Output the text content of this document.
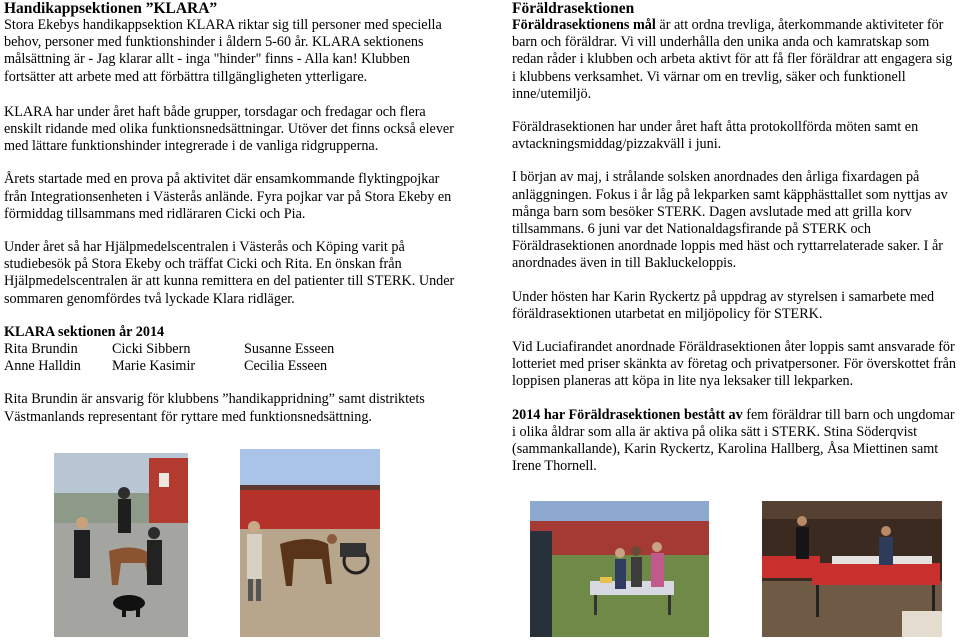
Handikappsektionen ”KLARA”

Stora Ekebys handikappsektion KLARA riktar sig till personer med speciella behov, personer med funktionshinder i åldern 5-60 år. KLARA sektionens målsättning är - Jag klarar allt - inga "hinder" finns - Alla kan! Klubben fortsätter att arbete med att förbättra tillgängligheten ytterligare.

KLARA har under året haft både grupper, torsdagar och fredagar och flera enskilt ridande med olika funktionsnedsättningar. Utöver det finns också elever med lättare funktionshinder integrerade i de vanliga ridgrupperna.

Årets startade med en prova på aktivitet där ensamkommande flyktingpojkar från Integrationsenheten i Västerås anlände. Fyra pojkar var på Stora Ekeby en förmiddag tillsammans med ridläraren Cicki och Pia.

Under året så har Hjälpmedelscentralen i Västerås och Köping varit på studiebesök på Stora Ekeby och träffat Cicki och Rita. En önskan från Hjälpmedelscentralen är att kunna remittera en del patienter till STERK. Under sommaren genomfördes två lyckade Klara ridläger.

KLARA sektionen år 2014
Rita Brundin	Cicki Sibbern	Susanne Esseen
Anne Halldin	Marie Kasimir	Cecilia Esseen

Rita Brundin är ansvarig för klubbens ”handikappridning” samt distriktets Västmanlands representant för ryttare med funktionsnedsättning.

Föräldrasektionen

Föräldrasektionens mål är att ordna trevliga, återkommande aktiviteter för barn och föräldrar. Vi vill underhålla den unika anda och kamratskap som redan råder i klubben och arbeta aktivt för att få fler föräldrar att engagera sig i klubbens verksamhet. Vi värnar om en trevlig, säker och funktionell inne/utemiljö.

Föräldrasektionen har under året haft åtta protokollförda möten samt en avtackningsmiddag/pizzakväll i juni.

I början av maj, i strålande solsken anordnades den årliga fixardagen på anläggningen. Fokus i år låg på lekparken samt käpphästtallet som nyttjas av många barn som besöker STERK. Dagen avslutade med att grilla korv tillsammans. 6 juni var det Nationaldagsfirande på STERK och Föräldrasektionen anordnade loppis med häst och ryttarrelaterade saker. I år anordnades även in till Bakluckeloppis.

Under hösten har Karin Ryckertz på uppdrag av styrelsen i samarbete med föräldrasektionen utarbetat en miljöpolicy för STERK.

Vid Luciafirandet anordnade Föräldrasektionen åter loppis samt ansvarade för lotteriet med priser skänkta av företag och privatpersoner. För överskottet från loppisen planeras att köpa in lite nya leksaker till lekparken.

2014 har Föräldrasektionen bestått av fem föräldrar till barn och ungdomar i olika åldrar som alla är aktiva på olika sätt i STERK. Stina Söderqvist (sammankallande), Karin Ryckertz, Karolina Hallberg, Åsa Miettinen samt Irene Thornell.
